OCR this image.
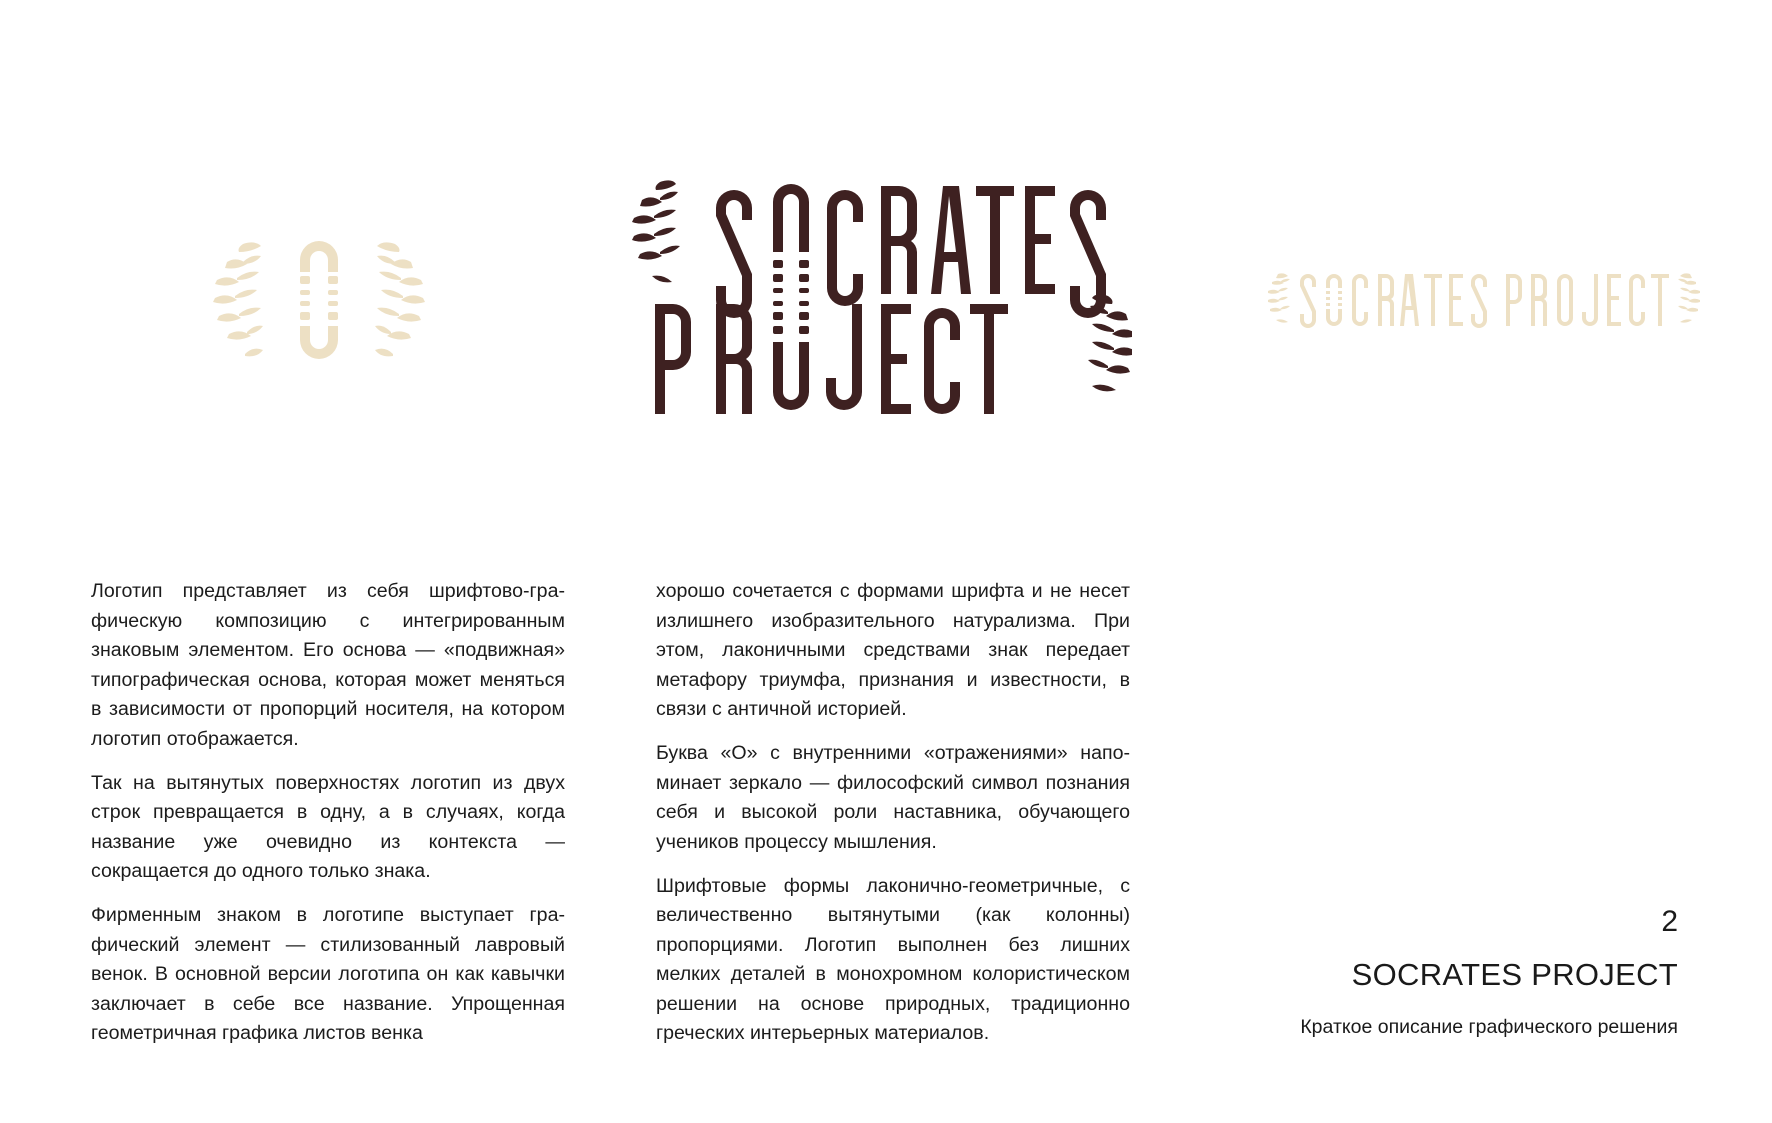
Логотип представляет из себя шрифтово-графическую композицию с интегрированным знаковым элементом. Его основа — «подвижная» типографическая основа, которая может меняться в зависимости от пропорций носителя, на котором логотип отображается.

Так на вытянутых поверхностях логотип из двух строк превращается в одну, а в случаях, когда название уже очевидно из контекста — сокращается до одного только знака.

Фирменным знаком в логотипе выступает графический элемент — стилизованный лавровый венок. В основной версии логотипа он как кавычки заключает в себе все название. Упрощенная геометричная графика листов венка

хорошо сочетается с формами шрифта и не несет излишнего изобразительного натурализма. При этом, лаконичными средствами знак передает метафору триумфа, признания и известности, в связи с античной историей.

Буква «О» с внутренними «отражениями» напоминает зеркало — философский символ познания себя и высокой роли наставника, обучающего учеников процессу мышления.

Шрифтовые формы лаконично-геометричные, с величественно вытянутыми (как колонны) пропорциями. Логотип выполнен без лишних мелких деталей в монохромном колористическом решении на основе природных, традиционно греческих интерьерных материалов.

2
SOCRATES PROJECT
Краткое описание графического решения
